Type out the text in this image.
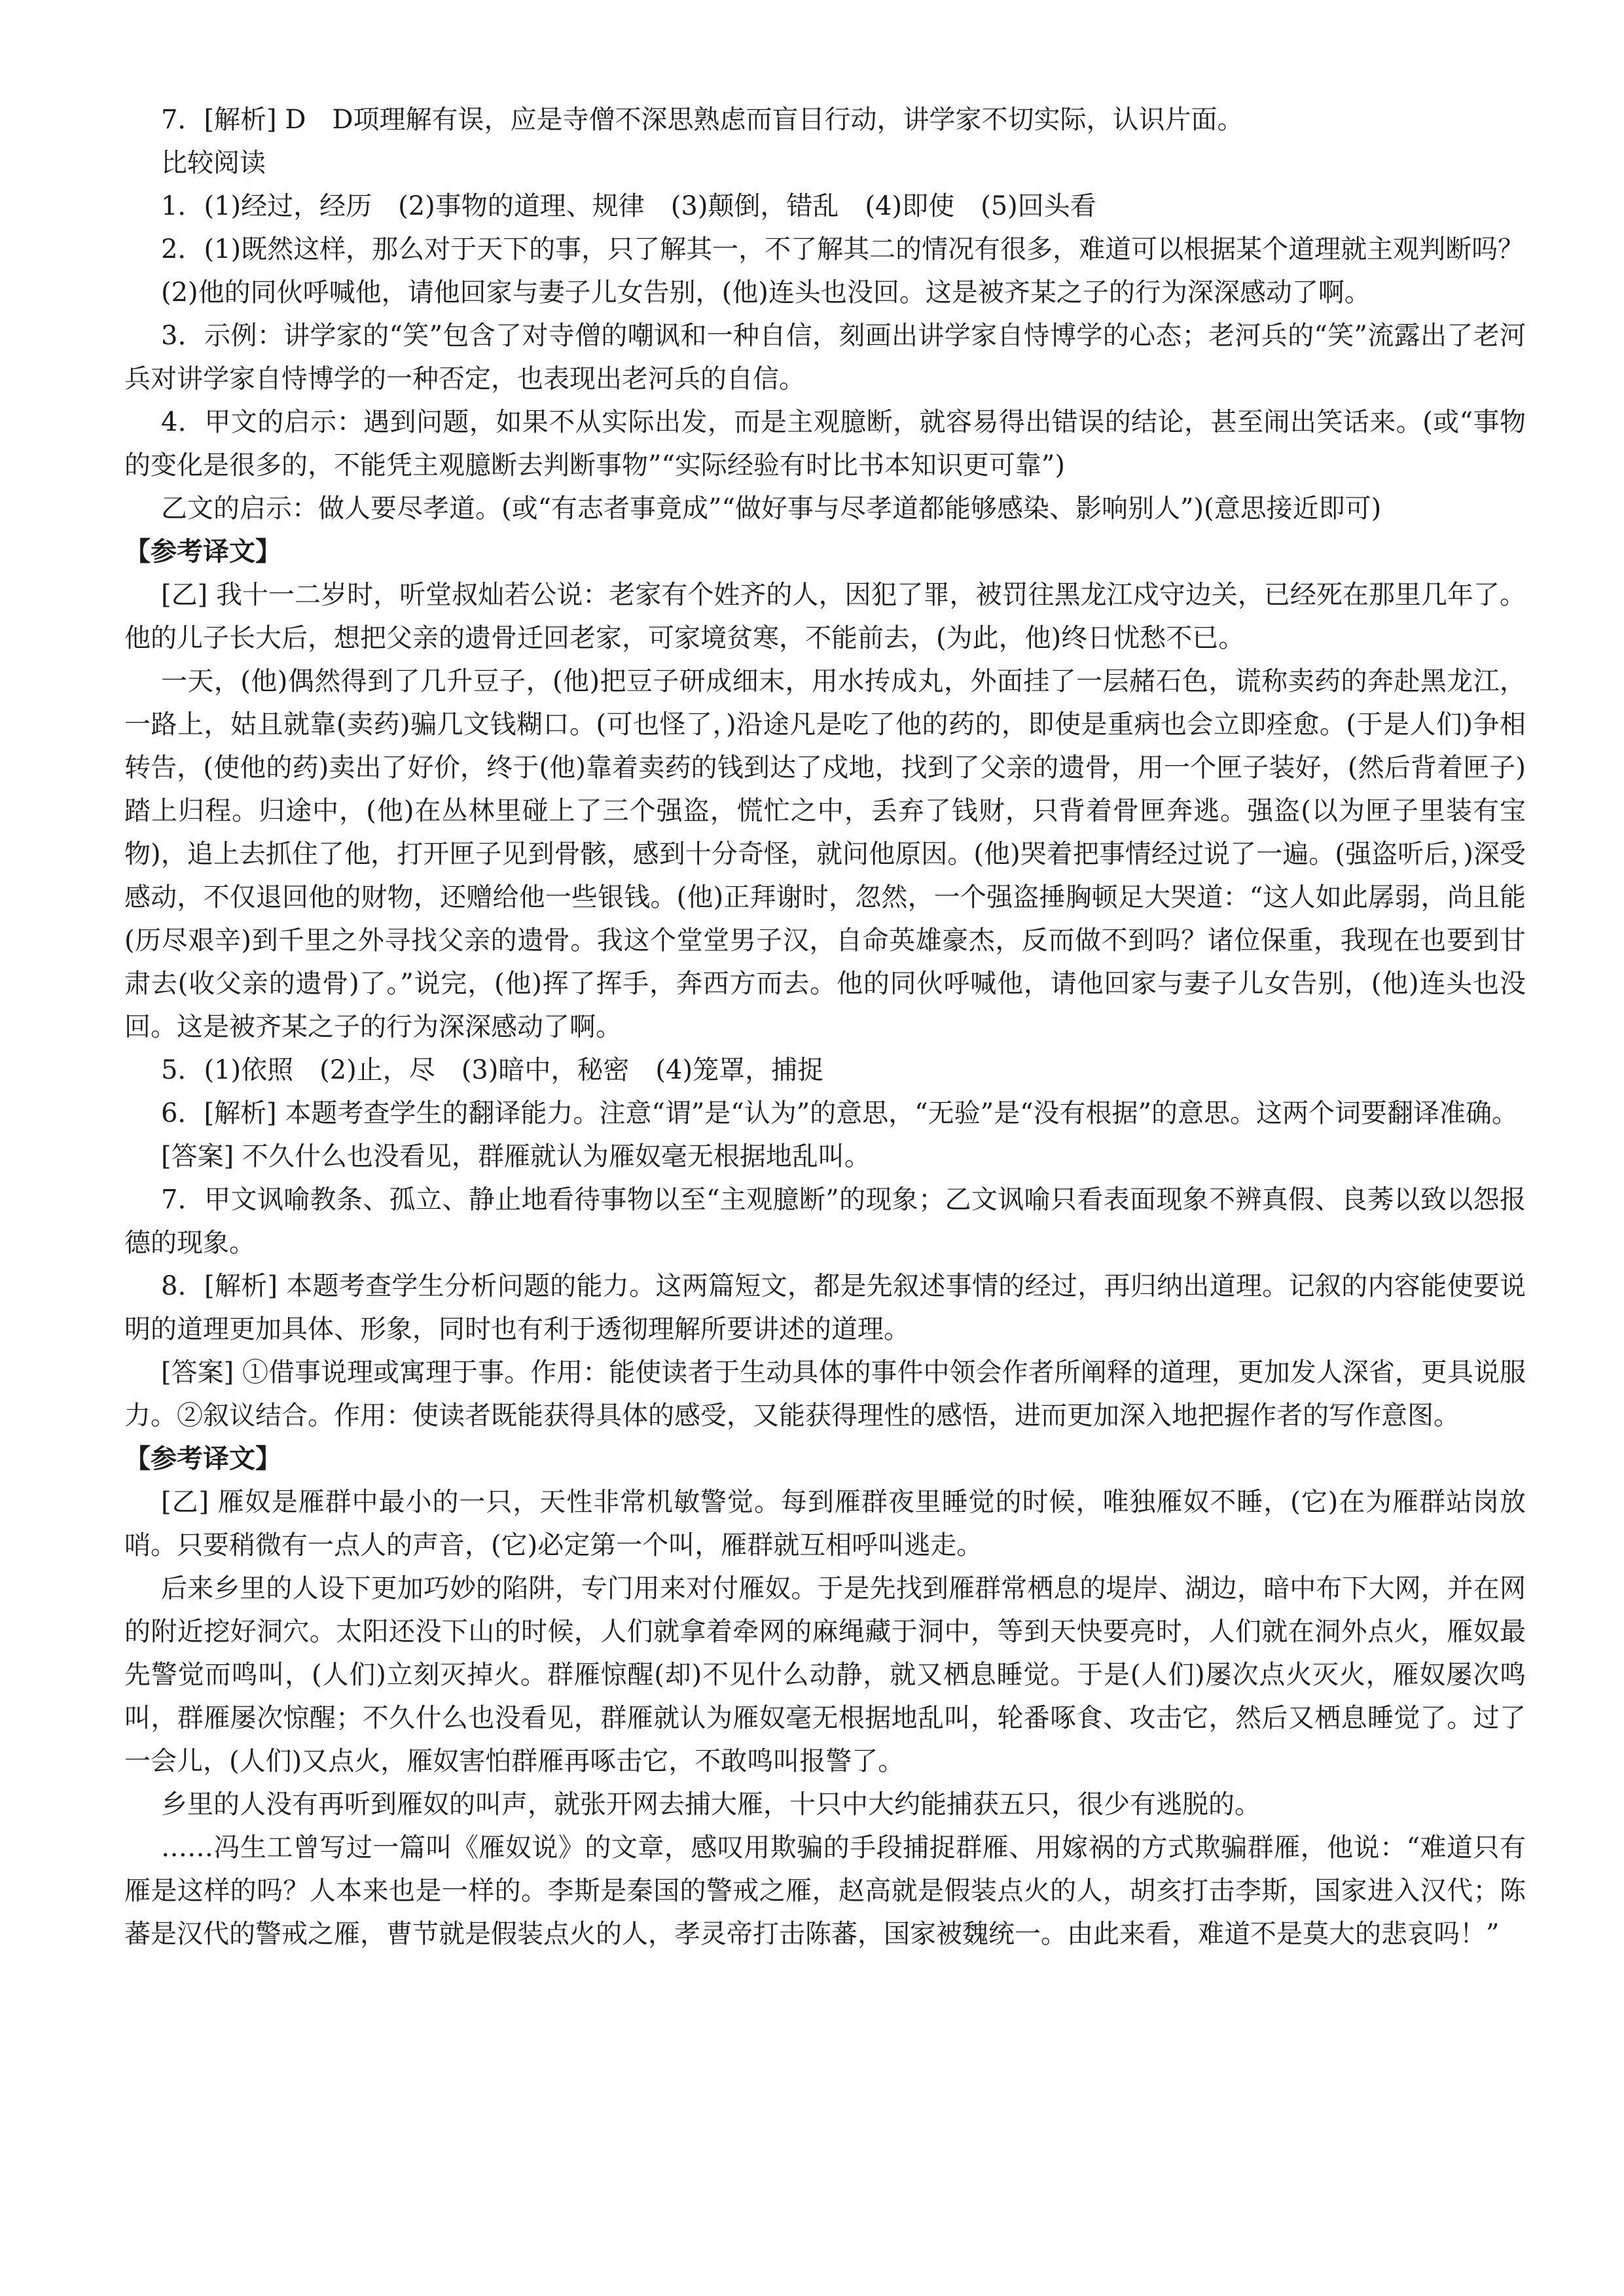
7．[解析] D　D项理解有误，应是寺僧不深思熟虑而盲目行动，讲学家不切实际，认识片面。

比较阅读

1．(1)经过，经历　(2)事物的道理、规律　(3)颠倒，错乱　(4)即使　(5)回头看

2．(1)既然这样，那么对于天下的事，只了解其一，不了解其二的情况有很多，难道可以根据某个道理就主观判断吗？

(2)他的同伙呼喊他，请他回家与妻子儿女告别，(他)连头也没回。这是被齐某之子的行为深深感动了啊。

3．示例：讲学家的“笑”包含了对寺僧的嘲讽和一种自信，刻画出讲学家自恃博学的心态；老河兵的“笑”流露出了老河兵对讲学家自恃博学的一种否定，也表现出老河兵的自信。

4．甲文的启示：遇到问题，如果不从实际出发，而是主观臆断，就容易得出错误的结论，甚至闹出笑话来。(或“事物的变化是很多的，不能凭主观臆断去判断事物”“实际经验有时比书本知识更可靠”)

乙文的启示：做人要尽孝道。(或“有志者事竟成”“做好事与尽孝道都能够感染、影响别人”)(意思接近即可)

【参考译文】

[乙] 我十一二岁时，听堂叔灿若公说：老家有个姓齐的人，因犯了罪，被罚往黑龙江戍守边关，已经死在那里几年了。他的儿子长大后，想把父亲的遗骨迁回老家，可家境贫寒，不能前去，(为此，他)终日忧愁不已。

一天，(他)偶然得到了几升豆子，(他)把豆子研成细末，用水抟成丸，外面挂了一层赭石色，谎称卖药的奔赴黑龙江，一路上，姑且就靠(卖药)骗几文钱糊口。(可也怪了，)沿途凡是吃了他的药的，即使是重病也会立即痊愈。(于是人们)争相转告，(使他的药)卖出了好价，终于(他)靠着卖药的钱到达了戍地，找到了父亲的遗骨，用一个匣子装好，(然后背着匣子)踏上归程。归途中，(他)在丛林里碰上了三个强盗，慌忙之中，丢弃了钱财，只背着骨匣奔逃。强盗(以为匣子里装有宝物)，追上去抓住了他，打开匣子见到骨骸，感到十分奇怪，就问他原因。(他)哭着把事情经过说了一遍。(强盗听后，)深受感动，不仅退回他的财物，还赠给他一些银钱。(他)正拜谢时，忽然，一个强盗捶胸顿足大哭道：“这人如此孱弱，尚且能(历尽艰辛)到千里之外寻找父亲的遗骨。我这个堂堂男子汉，自命英雄豪杰，反而做不到吗？诸位保重，我现在也要到甘肃去(收父亲的遗骨)了。”说完，(他)挥了挥手，奔西方而去。他的同伙呼喊他，请他回家与妻子儿女告别，(他)连头也没回。这是被齐某之子的行为深深感动了啊。

5．(1)依照　(2)止，尽　(3)暗中，秘密　(4)笼罩，捕捉

6．[解析] 本题考查学生的翻译能力。注意“谓”是“认为”的意思，“无验”是“没有根据”的意思。这两个词要翻译准确。

[答案] 不久什么也没看见，群雁就认为雁奴毫无根据地乱叫。

7．甲文讽喻教条、孤立、静止地看待事物以至“主观臆断”的现象；乙文讽喻只看表面现象不辨真假、良莠以致以怨报德的现象。

8．[解析] 本题考查学生分析问题的能力。这两篇短文，都是先叙述事情的经过，再归纳出道理。记叙的内容能使要说明的道理更加具体、形象，同时也有利于透彻理解所要讲述的道理。

[答案] ①借事说理或寓理于事。作用：能使读者于生动具体的事件中领会作者所阐释的道理，更加发人深省，更具说服力。②叙议结合。作用：使读者既能获得具体的感受，又能获得理性的感悟，进而更加深入地把握作者的写作意图。

【参考译文】

[乙] 雁奴是雁群中最小的一只，天性非常机敏警觉。每到雁群夜里睡觉的时候，唯独雁奴不睡，(它)在为雁群站岗放哨。只要稍微有一点人的声音，(它)必定第一个叫，雁群就互相呼叫逃走。

后来乡里的人设下更加巧妙的陷阱，专门用来对付雁奴。于是先找到雁群常栖息的堤岸、湖边，暗中布下大网，并在网的附近挖好洞穴。太阳还没下山的时候，人们就拿着牵网的麻绳藏于洞中，等到天快要亮时，人们就在洞外点火，雁奴最先警觉而鸣叫，(人们)立刻灭掉火。群雁惊醒(却)不见什么动静，就又栖息睡觉。于是(人们)屡次点火灭火，雁奴屡次鸣叫，群雁屡次惊醒；不久什么也没看见，群雁就认为雁奴毫无根据地乱叫，轮番啄食、攻击它，然后又栖息睡觉了。过了一会儿，(人们)又点火，雁奴害怕群雁再啄击它，不敢鸣叫报警了。

乡里的人没有再听到雁奴的叫声，就张开网去捕大雁，十只中大约能捕获五只，很少有逃脱的。

……冯生工曾写过一篇叫《雁奴说》的文章，感叹用欺骗的手段捕捉群雁、用嫁祸的方式欺骗群雁，他说：“难道只有雁是这样的吗？人本来也是一样的。李斯是秦国的警戒之雁，赵高就是假装点火的人，胡亥打击李斯，国家进入汉代；陈蕃是汉代的警戒之雁，曹节就是假装点火的人，孝灵帝打击陈蕃，国家被魏统一。由此来看，难道不是莫大的悲哀吗！”
